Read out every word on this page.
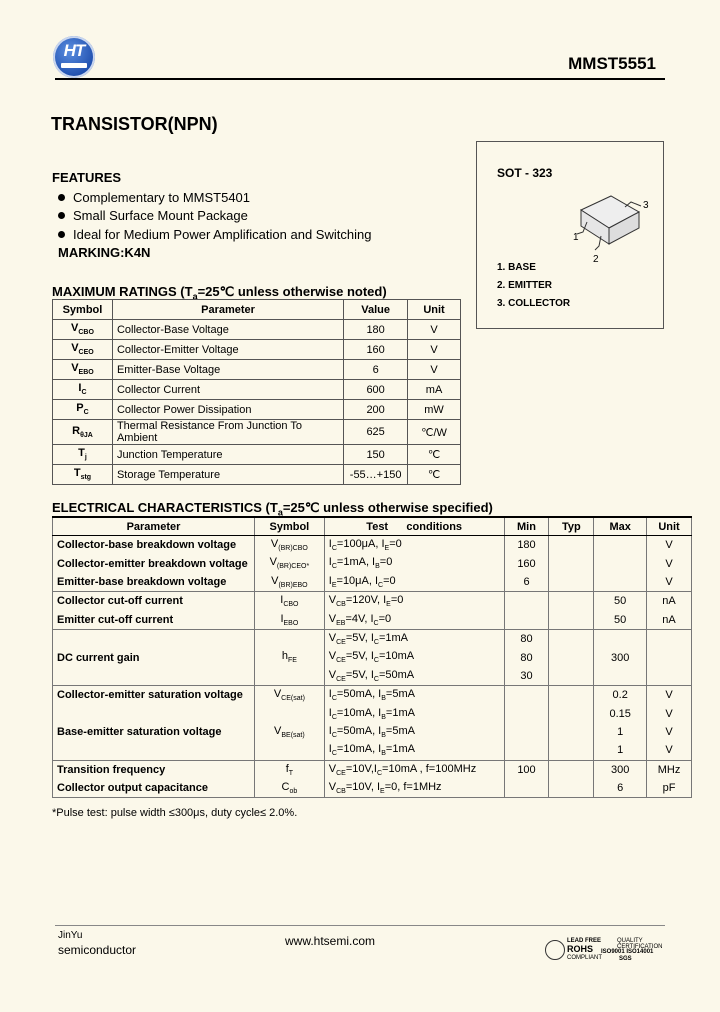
HT
MMST5551
TRANSISTOR(NPN)
FEATURES
Complementary to MMST5401
Small Surface Mount Package
Ideal for Medium Power Amplification and Switching
MARKING:K4N
SOT - 323
3
1
2
1. BASE
2. EMITTER
3. COLLECTOR
MAXIMUM RATINGS ($T_a=25℃$ unless otherwise noted)
Symbol	Parameter	Value	Unit
$V_{CBO}$	Collector-Base Voltage	180	V
$V_{CEO}$	Collector-Emitter Voltage	160	V
$V_{EBO}$	Emitter-Base Voltage	6	V
$I_C$	Collector Current	600	mA
$P_C$	Collector Power Dissipation	200	mW
$R_{\theta JA}$	Thermal Resistance From Junction To Ambient	625	℃/W
$T_j$	Junction Temperature	150	℃
$T_{stg}$	Storage Temperature	-55…+150	℃
ELECTRICAL CHARACTERISTICS ($T_a=25℃$ unless otherwise specified)
Parameter	Symbol	Test      conditions	Min	Typ	Max	Unit
Collector-base breakdown voltage	$V_{(BR)CBO}$	$I_C=100\mu A$, $I_E=0$	180			V
Collector-emitter breakdown voltage	$V_{(BR)CEO*}$	$I_C=1mA$, $I_B=0$	160			V
Emitter-base breakdown voltage	$V_{(BR)EBO}$	$I_E=10\mu A$, $I_C=0$	6			V
Collector cut-off current	$I_{CBO}$	$V_{CB}=120V$, $I_E=0$			50	nA
Emitter cut-off current	$I_{EBO}$	$V_{EB}=4V$, $I_C=0$			50	nA
		$V_{CE}=5V$, $I_C=1mA$	80			
DC current gain	$h_{FE}$	$V_{CE}=5V$, $I_C=10mA$	80		300	
		$V_{CE}=5V$, $I_C=50mA$	30			
Collector-emitter saturation voltage	$V_{CE(sat)}$	$I_C=50mA$, $I_B=5mA$			0.2	V
		$I_C=10mA$, $I_B=1mA$			0.15	V
Base-emitter saturation voltage	$V_{BE(sat)}$	$I_C=50mA$, $I_B=5mA$			1	V
		$I_C=10mA$, $I_B=1mA$			1	V
Transition frequency	$f_T$	$V_{CE}=10V,I_C=10mA$ , f=100MHz	100		300	MHz
Collector output capacitance	$C_{ob}$	$V_{CB}=10V$, $I_E=0$, f=1MHz			6	pF
*Pulse test: pulse width ≤300μs, duty cycle≤ 2.0%.
JinYu
semiconductor
www.htsemi.com	LEAD FREE
ROHS
COMPLIANT
QUALITY CERTIFICATION
ISO9001 ISO14001
SGS
